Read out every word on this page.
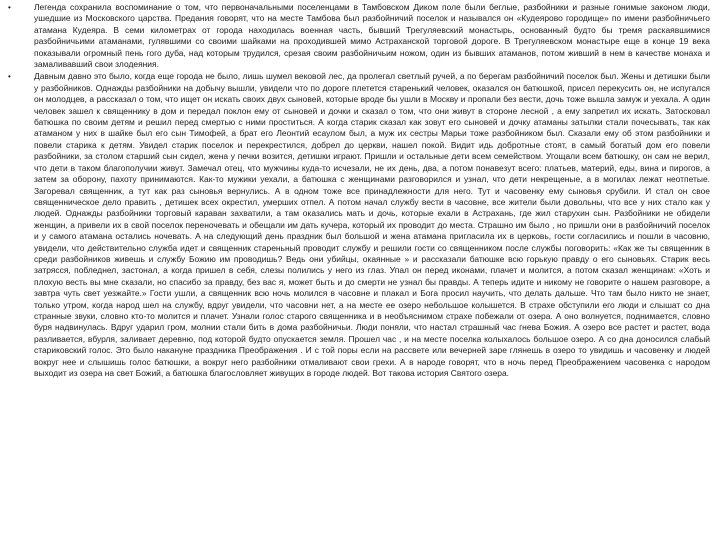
•	Легенда сохранила воспоминание о том, что первоначальными поселенцами в Тамбовском Диком поле были беглые, разбойники и разные гонимые законом люди, ушедшие из Московского царства. Предания говорят, что на месте Тамбова был разбойничий поселок и назывался он «Кудеярово городище» по имени разбойничьего атамана Кудеяра. В семи километрах от города находилась военная часть, бывший Трегуляевский монастырь, основанный будто бы тремя раскаявшимися разбойничьими атаманами, гулявшими со своими шайками на проходившей мимо Астраханской торговой дороге. В Трегуляевском монастыре еще в конце 19 века показывали огромный пень гого дуба, над которым трудился, срезая своим разбойничьим ножом, один из бывших атаманов, потом живший в нем в качестве монаха и замаливавший свои злодеяния.
•	Давным давно это было, когда еще города не было, лишь шумел вековой лес, да пролегал светлый ручей, а по берегам разбойничий поселок был. Жены и детишки были у разбойников. Однажды разбойники на добычу вышли, увидели что по дороге плетется старенький человек, оказался он батюшкой, присел перекусить он, не испугался он молодцев, а рассказал о том, что ищет он искать своих двух сыновей, которые вроде бы ушли в Москву и пропали без вести, дочь тоже вышла замуж и уехала. А один человек зашел к священнику в дом и передал поклон ему от сыновей и дочки и сказал о том, что они живут в стороне лесной , а ему запретил их искать. Затосковал батюшка по своим детям и решил перед смертью с ними проститься. А когда старик сказал как зовут его сыновей и дочку атаманы затылки стали почесывать, так как атаманом у них в шайке был его сын Тимофей, а брат его Леонтий есаулом был, а муж их сестры Марьи тоже разбойником был. Сказали ему об этом разбойники и повели старика к детям. Увидел старик поселок и перекрестился, добрел до церкви, нашел покой. Видит идь добротные стоят, в самый богатый дом его повели разбойники, за столом старший сын сидел, жена у печки возится, детишки играют. Пришли и остальные дети всем семейством. Угощали всем батюшку, он сам не верил, что дети в таком благополучии живут. Замечал отец, что мужчины куда-то исчезали, не их день, два, а потом понавезут всего: платьев, материй, еды, вина и пирогов, а затем за оборону, пахоту принимаются. Как-то мужики уехали, а батюшка с женщинами разговорился и узнал, что дети некрещеные, а в могилах лежат неотпетые. Загоревал священник, а тут как раз сыновья вернулись. А в одном тоже все принадлежности для него. Тут и часовенку ему сыновья срубили. И стал он свое священническое дело править , детишек всех окрестил, умерших отпел. А потом начал службу вести в часовне, все жители были довольны, что все у них стало как у людей. Однажды разбойники торговый караван захватили, а там оказались мать и дочь, которые ехали в Астрахань, где жил старухин сын. Разбойники не обидели женщин, а привели их в свой поселок переночевать и обещали им дать кучера, который их проводит до места. Страшно им было , но пришли они в разбойничий поселок и у самого атамана остались ночевать. А на следующий день праздник был большой и жена атамана пригласила их в церковь, гости согласились и пошли в часовню, увидели, что действительно служба идет и священник стареньный проводит службу и решили гости со священником после службы поговорить: «Как же ты священник в среди разбойников живешь и службу Божию им проводишь? Ведь они убийцы, окаянные » и рассказали батюшке всю горькую правду о его сыновьях. Старик весь затрясся, побледнел, застонал, а когда пришел в себя, слезы полились у него из глаз. Упал он перед иконами, плачет и молится, а потом сказал женщинам: «Хоть и плохую весть вы мне сказали, но спасибо за правду, без вас я, может быть и до смерти не узнал бы правды. А теперь идите и никому не говорите о нашем разговоре, а завтра чуть свет уезжайте.» Гости ушли, а священник всю ночь молился в часовне и плакал и Бога просил научить, что делать дальше. Что там было никто не знает, только утром, когда народ шел на службу, вдруг увидели, что часовни нет, а на месте ее озеро небольшое колышется. В страхе обступили его люди и слышат со дна странные звуки, словно кто-то молится и плачет. Узнали голос старого священника и в необъяснимом страхе побежали от озера. А оно волнуется, поднимается, словно буря надвинулась. Вдруг ударил гром, молнии стали бить в дома разбойничьи. Люди поняли, что настал страшный час гнева Божия. А озеро все растет и растет, вода разливается, вбурля, заливает деревню, под которой будто опускается земля. Прошел час , и на месте поселка колыхалось большое озеро. А со дна доносился слабый стариковский голос. Это было накануне праздника Преображения . И с той поры если на рассвете или вечерней заре глянешь в озеро то увидишь и часовенку и людей вокруг нее и слышишь голос батюшки, а вокруг него разбойники отмаливают свои грехи. А в народе говорят, что в ночь перед Преображением часовенка с народом выходит из озера на свет Божий, а батюшка благословляет живущих в городе людей. Вот такова история Святого озера.
